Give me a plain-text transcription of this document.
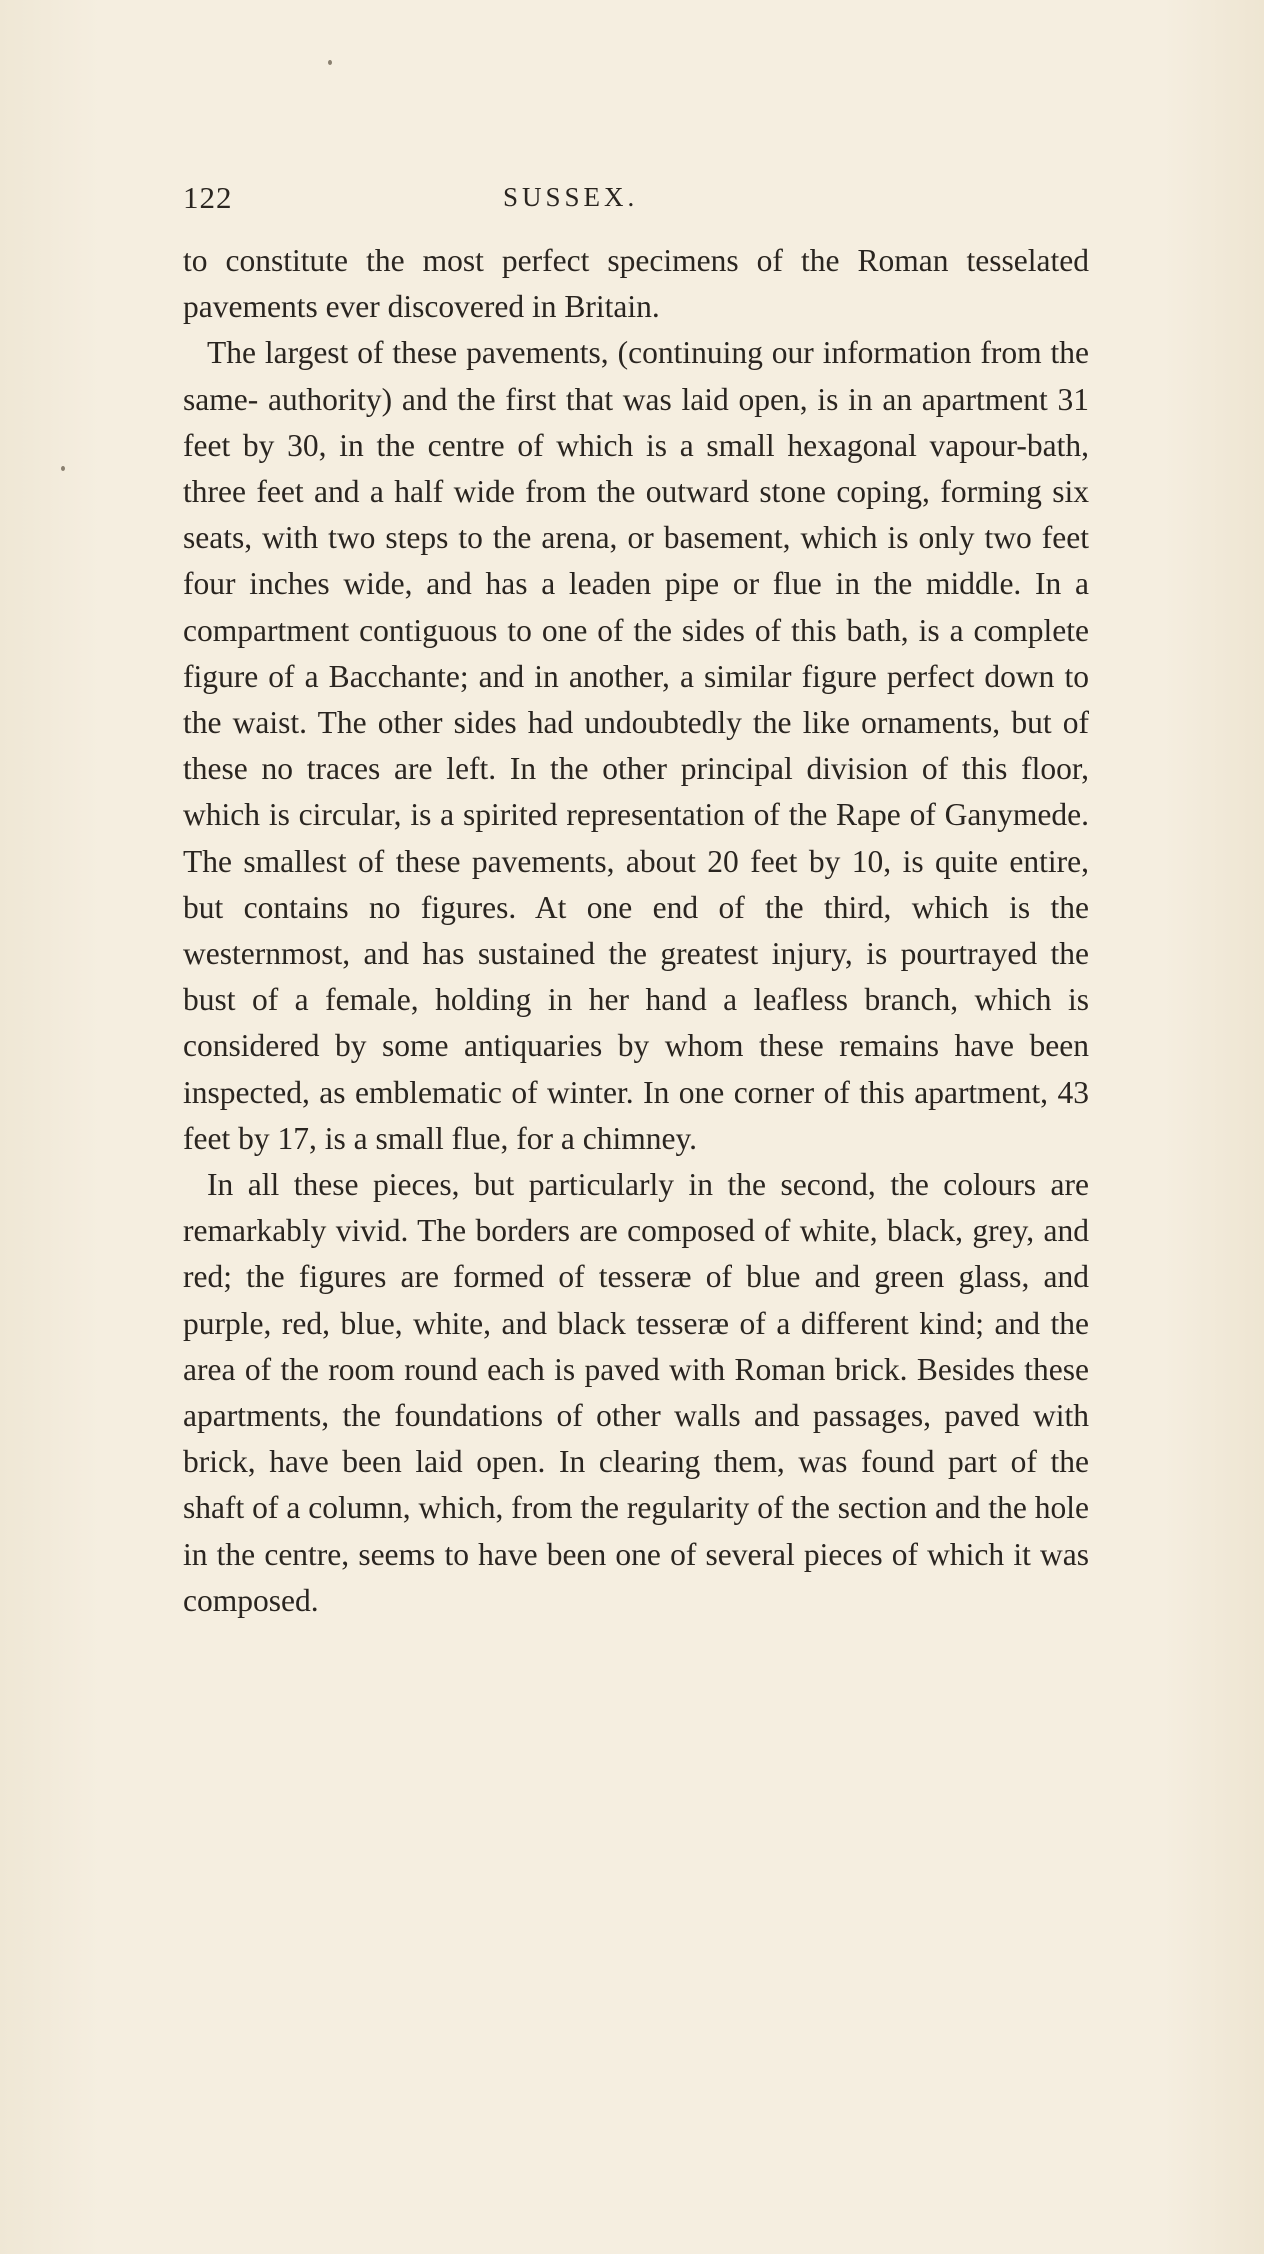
122	SUSSEX.

to constitute the most perfect specimens of the Roman tesselated pavements ever discovered in Britain.

The largest of these pavements, (continuing our information from the same- authority) and the first that was laid open, is in an apartment 31 feet by 30, in the centre of which is a small hexagonal vapour-bath, three feet and a half wide from the outward stone coping, forming six seats, with two steps to the arena, or basement, which is only two feet four inches wide, and has a leaden pipe or flue in the middle. In a compartment contiguous to one of the sides of this bath, is a complete figure of a Bacchante; and in another, a similar figure perfect down to the waist. The other sides had undoubtedly the like ornaments, but of these no traces are left. In the other principal division of this floor, which is circular, is a spirited representation of the Rape of Ganymede. The smallest of these pavements, about 20 feet by 10, is quite entire, but contains no figures. At one end of the third, which is the westernmost, and has sustained the greatest injury, is pourtrayed the bust of a female, holding in her hand a leafless branch, which is considered by some antiquaries by whom these remains have been inspected, as emblematic of winter. In one corner of this apartment, 43 feet by 17, is a small flue, for a chimney.

In all these pieces, but particularly in the second, the colours are remarkably vivid. The borders are composed of white, black, grey, and red; the figures are formed of tesseræ of blue and green glass, and purple, red, blue, white, and black tesseræ of a different kind; and the area of the room round each is paved with Roman brick. Besides these apartments, the foundations of other walls and passages, paved with brick, have been laid open. In clearing them, was found part of the shaft of a column, which, from the regularity of the section and the hole in the centre, seems to have been one of several pieces of which it was composed.
